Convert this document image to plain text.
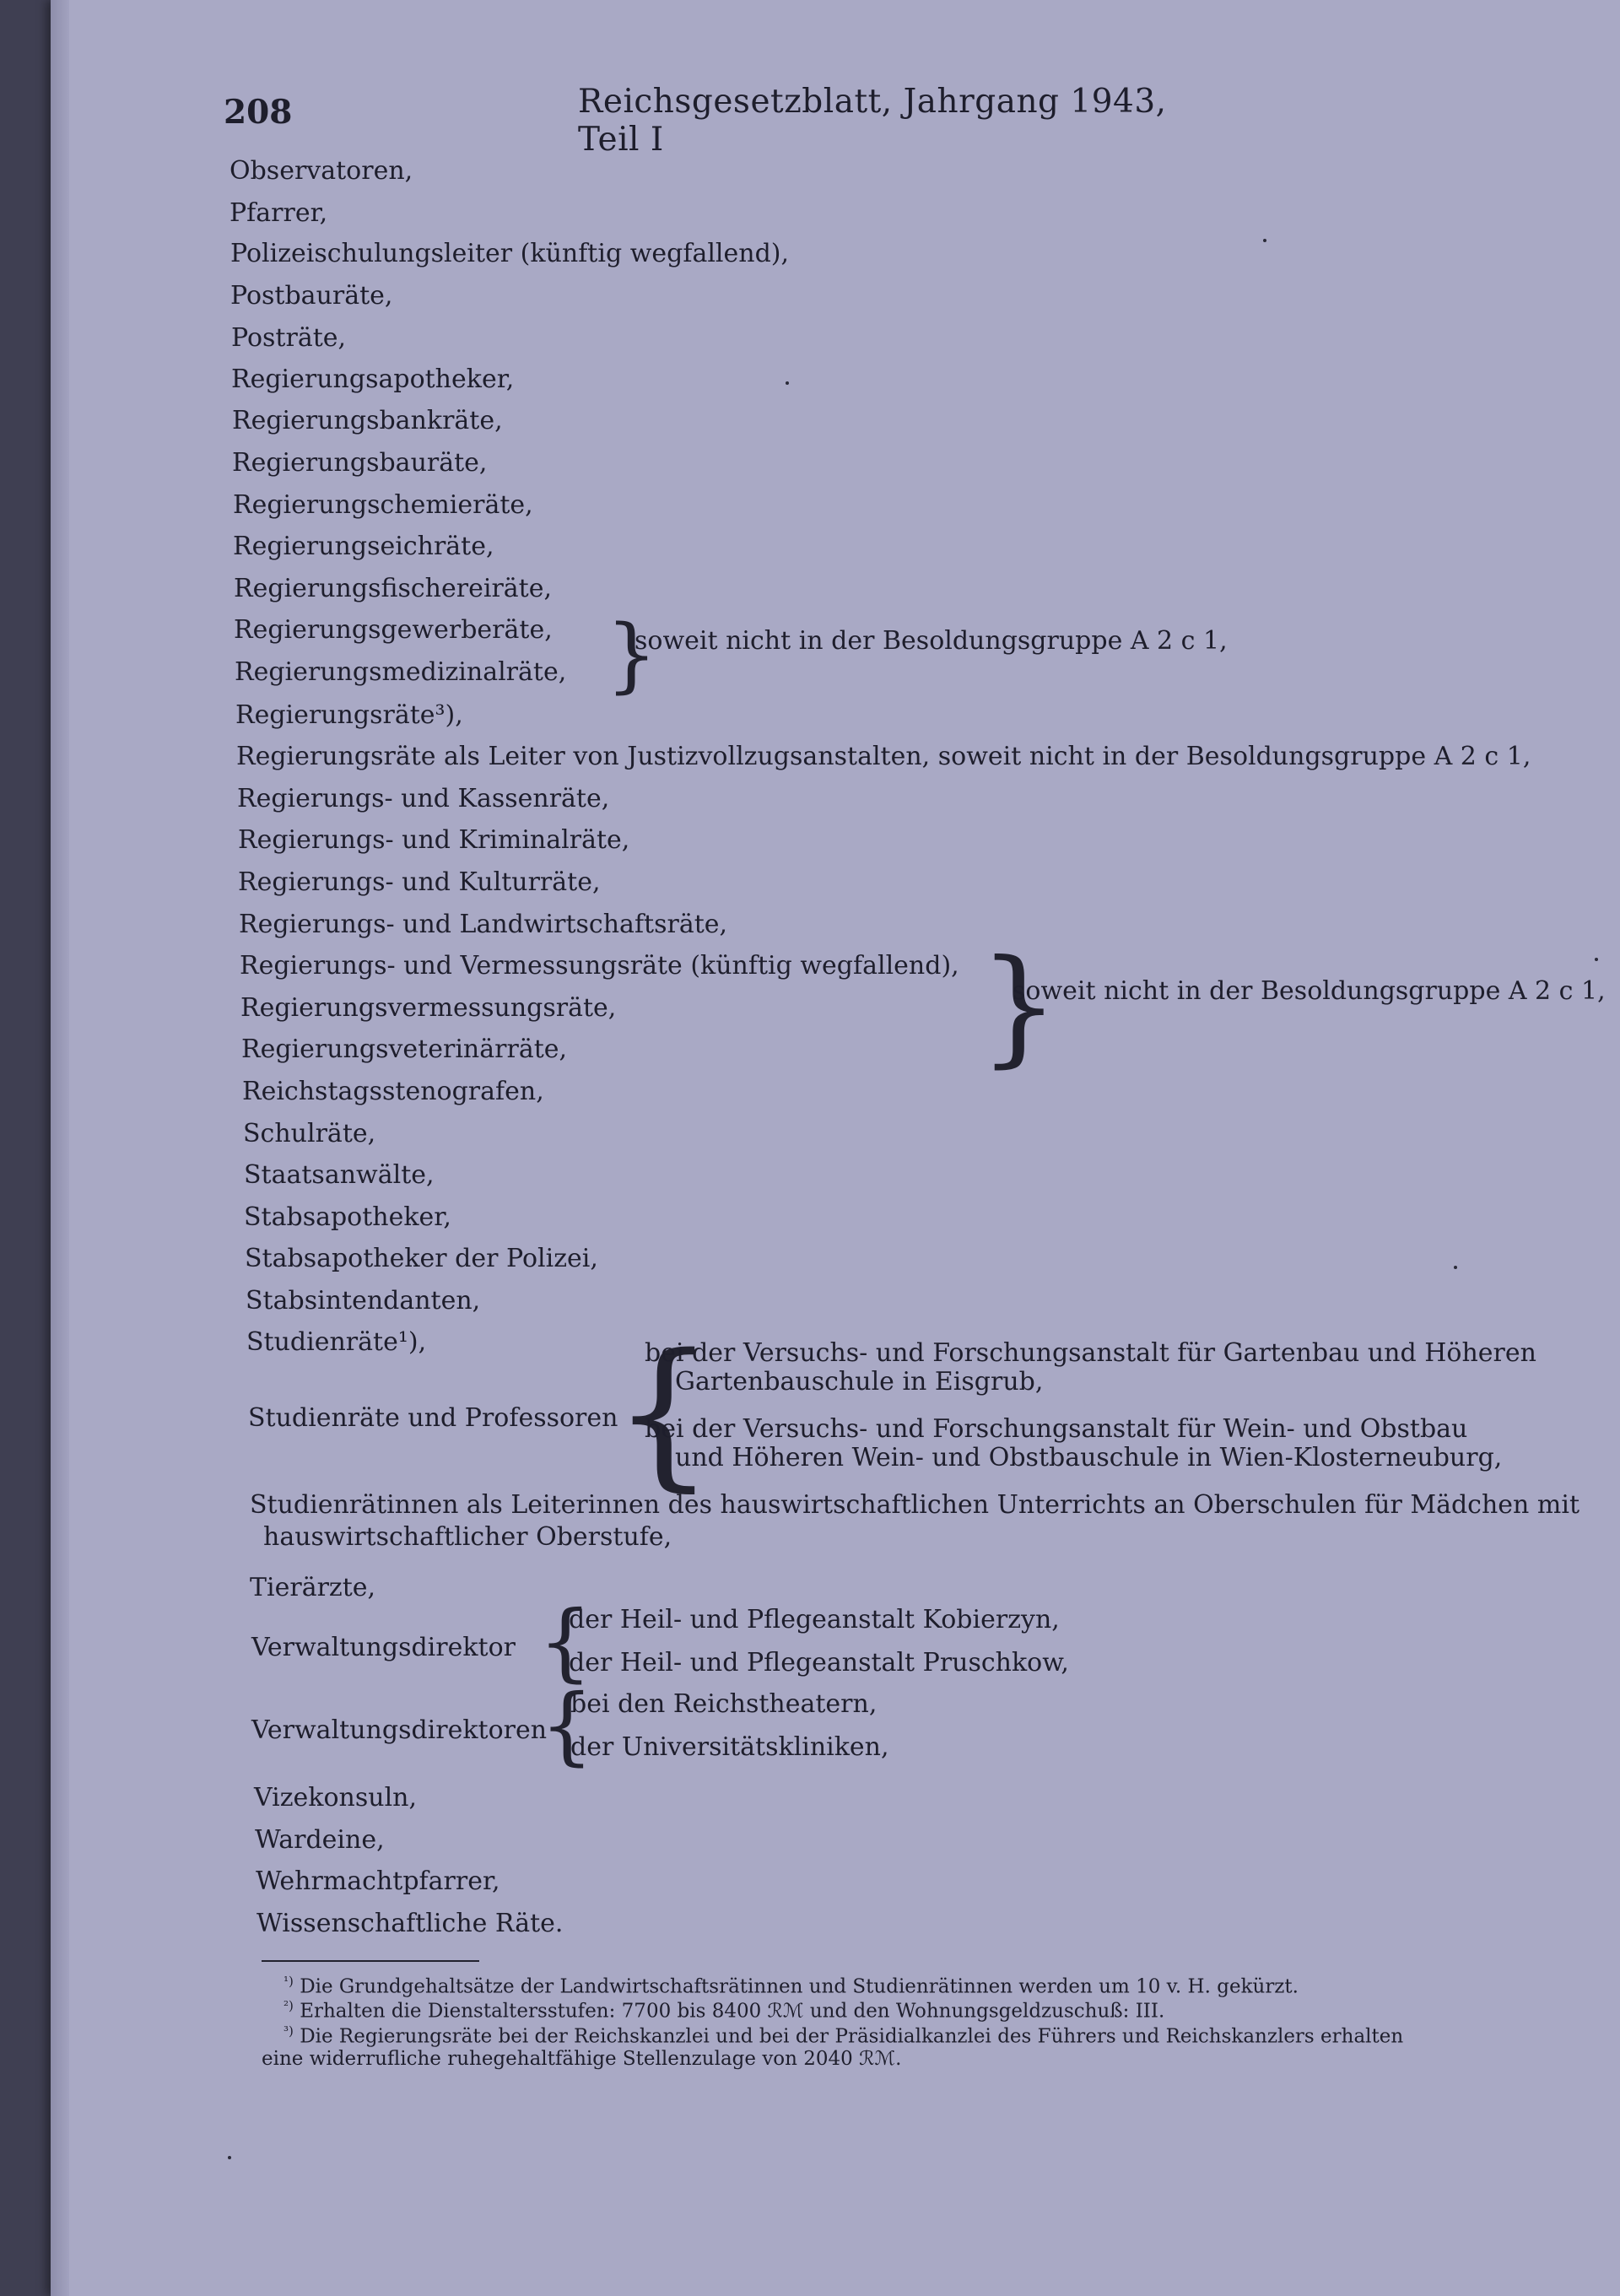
208	Reichsgesetzblatt, Jahrgang 1943, Teil I
Observatoren,
Pfarrer,
Polizeischulungsleiter (künftig wegfallend),
Postbauräte,
Posträte,
Regierungsapotheker,
Regierungsbankräte,
Regierungsbauräte,
Regierungschemieräte,
Regierungseichräte,
Regierungsfischereiräte,
Regierungsgewerberäte,
Regierungsmedizinalräte, }
soweit nicht in der Besoldungsgruppe A 2 c 1,
Regierungsräte³),
Regierungsräte als Leiter von Justizvollzugsanstalten, soweit nicht in der Besoldungsgruppe A 2 c 1,
Regierungs- und Kassenräte,
Regierungs- und Kriminalräte,
Regierungs- und Kulturräte,
Regierungs- und Landwirtschaftsräte,
Regierungs- und Vermessungsräte (künftig wegfallend),
Regierungsvermessungsräte,
Regierungsveterinärräte,	}
soweit nicht in der Besoldungsgruppe A 2 c 1,
Reichstagsstenografen,
Schulräte,
Staatsanwälte,
Stabsapotheker,
Stabsapotheker der Polizei,
Stabsintendanten,
Studienräte¹),
Studienräte und Professoren
{
bei der Versuchs- und Forschungsanstalt für Gartenbau und Höheren
Gartenbauschule in Eisgrub,
bei der Versuchs- und Forschungsanstalt für Wein- und Obstbau
und Höheren Wein- und Obstbauschule in Wien-Klosterneuburg,
Studienrätinnen als Leiterinnen des hauswirtschaftlichen Unterrichts an Oberschulen für Mädchen mit
hauswirtschaftlicher Oberstufe,
Tierärzte,
Verwaltungsdirektor {
der Heil- und Pflegeanstalt Kobierzyn,
der Heil- und Pflegeanstalt Pruschkow,
Verwaltungsdirektoren
{
bei den Reichstheatern,
der Universitätskliniken,
Vizekonsuln,
Wardeine,
Wehrmachtpfarrer,
Wissenschaftliche Räte.
$^{^1)}$ Die Grundgehaltsätze der Landwirtschaftsrätinnen und Studienrätinnen werden um 10 v. H. gekürzt.
$^{^2)}$ Erhalten die Dienstaltersstufen: 7700 bis 8400 ℛℳ und den Wohnungsgeldzuschuß: III.
$^{^3)}$ Die Regierungsräte bei der Reichskanzlei und bei der Präsidialkanzlei des Führers und Reichskanzlers erhalten
eine widerrufliche ruhegehaltfähige Stellenzulage von 2040 ℛℳ.
